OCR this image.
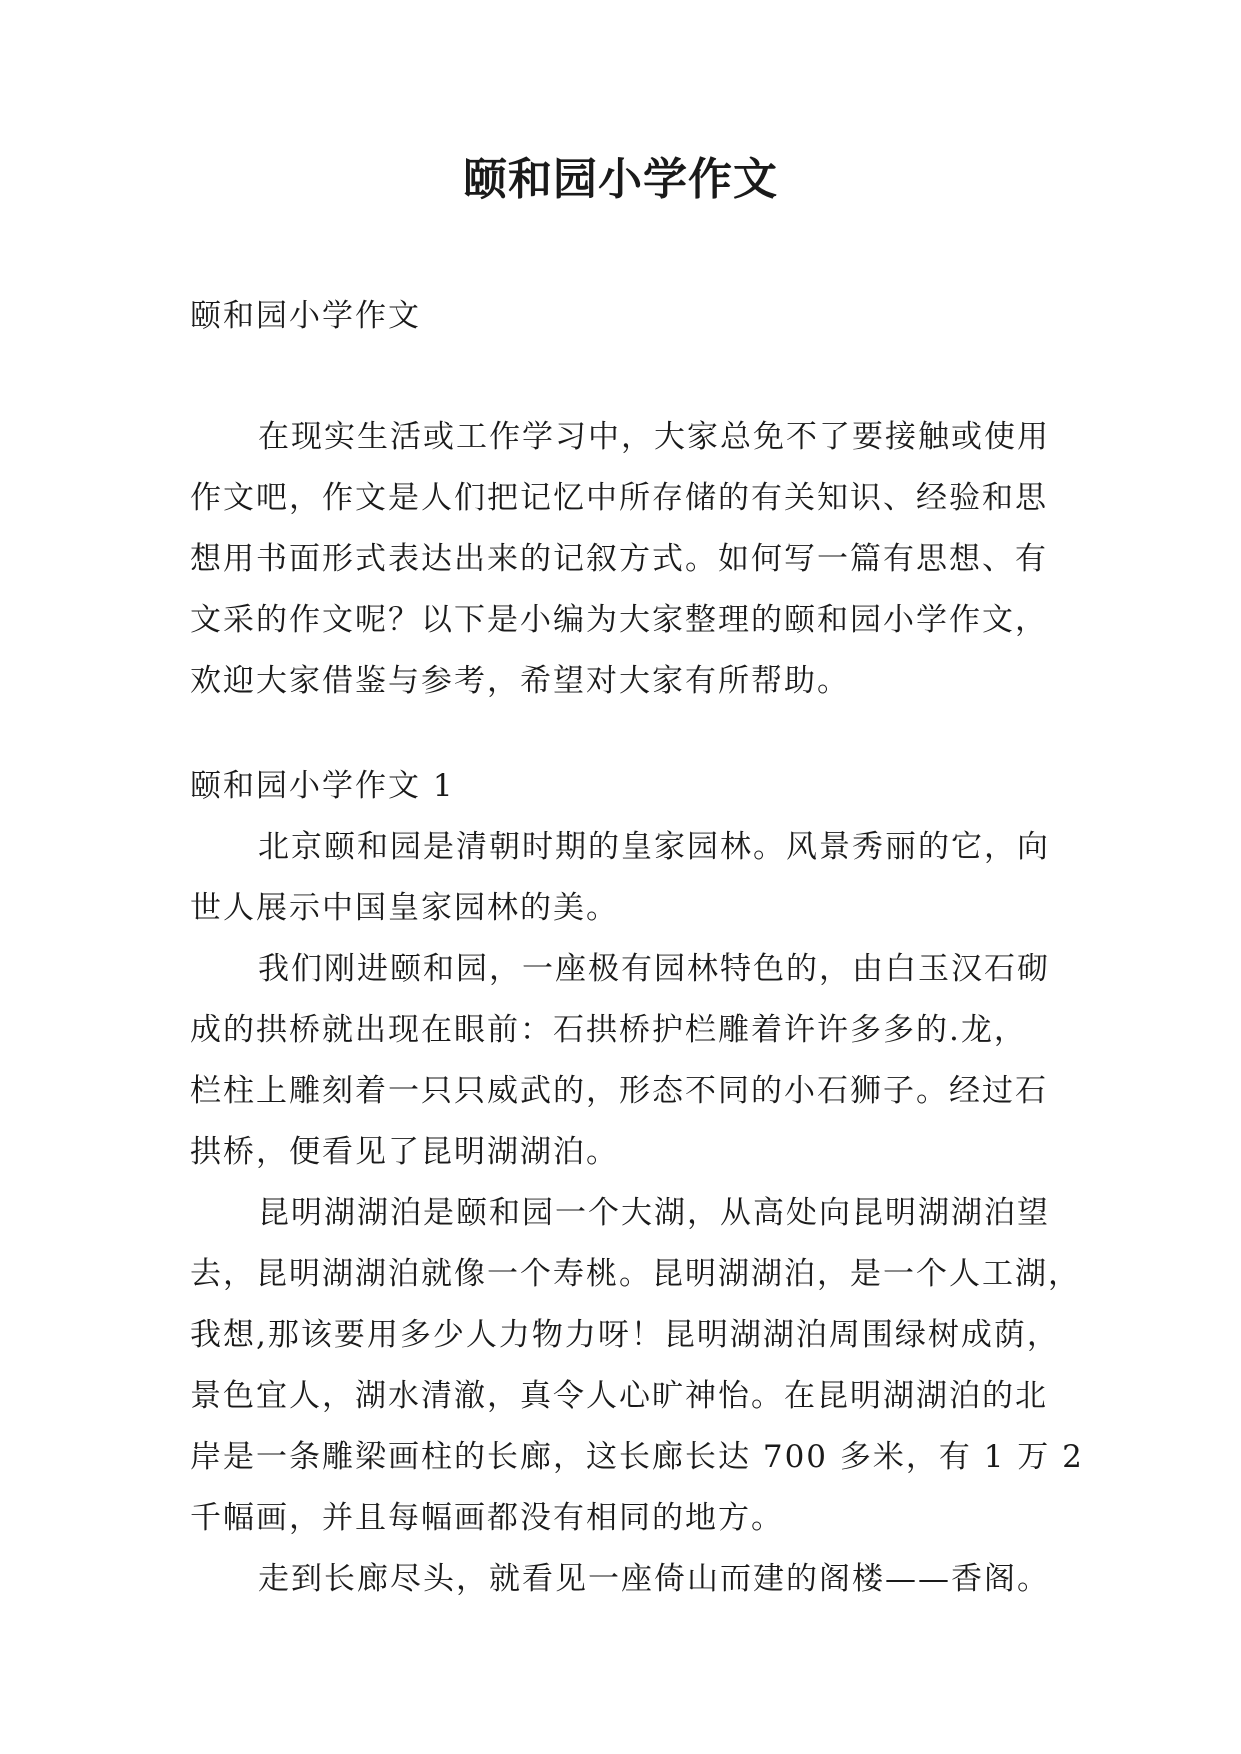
颐和园小学作文
颐和园小学作文
在现实生活或工作学习中，大家总免不了要接触或使用
作文吧，作文是人们把记忆中所存储的有关知识、经验和思
想用书面形式表达出来的记叙方式。如何写一篇有思想、有
文采的作文呢？以下是小编为大家整理的颐和园小学作文，
欢迎大家借鉴与参考，希望对大家有所帮助。
颐和园小学作文 1
北京颐和园是清朝时期的皇家园林。风景秀丽的它，向
世人展示中国皇家园林的美。
我们刚进颐和园，一座极有园林特色的，由白玉汉石砌
成的拱桥就出现在眼前：石拱桥护栏雕着许许多多的.龙，
栏柱上雕刻着一只只威武的，形态不同的小石狮子。经过石
拱桥，便看见了昆明湖湖泊。
昆明湖湖泊是颐和园一个大湖，从高处向昆明湖湖泊望
去，昆明湖湖泊就像一个寿桃。昆明湖湖泊，是一个人工湖，
我想,那该要用多少人力物力呀！昆明湖湖泊周围绿树成荫，
景色宜人，湖水清澈，真令人心旷神怡。在昆明湖湖泊的北
岸是一条雕梁画柱的长廊，这长廊长达 700 多米，有 1 万 2
千幅画，并且每幅画都没有相同的地方。
走到长廊尽头，就看见一座倚山而建的阁楼——香阁。
